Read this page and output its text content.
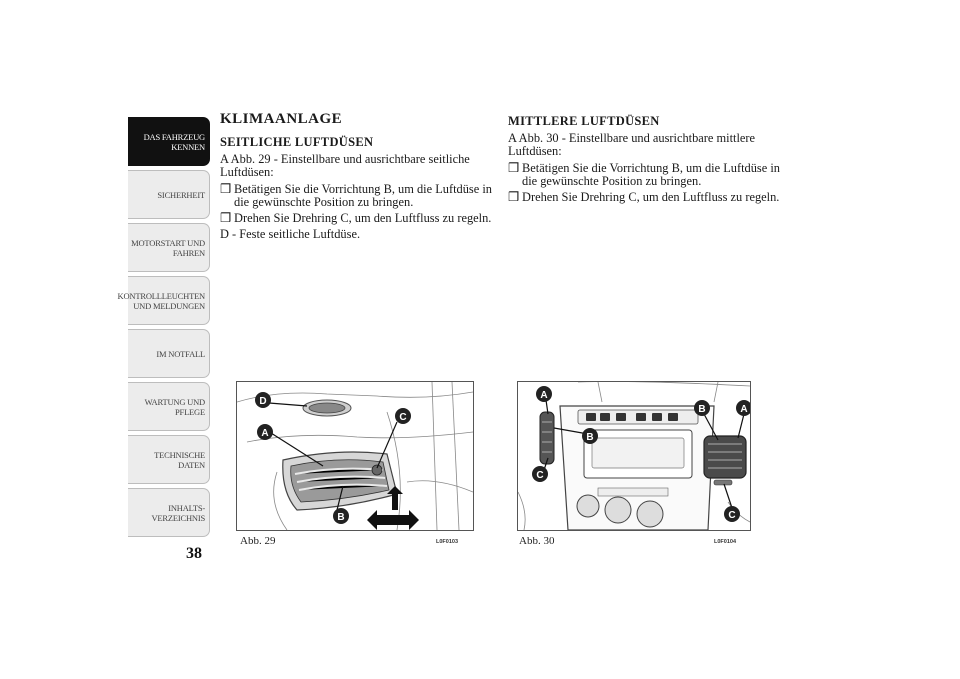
DAS FAHRZEUG
KENNEN
SICHERHEIT
MOTORSTART UND
FAHREN
KONTROLLLEUCHTEN
UND MELDUNGEN
IM NOTFALL
WARTUNG UND
PFLEGE
TECHNISCHE
DATEN
INHALTS-
VERZEICHNIS
38
KLIMAANLAGE
SEITLICHE LUFTDÜSEN
A Abb. 29 - Einstellbare und ausrichtbare seitliche Luftdüsen:
❒ Betätigen Sie die Vorrichtung B, um die Luftdüse in die gewünschte Position zu bringen.
❒ Drehen Sie Drehring C, um den Luftfluss zu regeln.
D - Feste seitliche Luftdüse.
MITTLERE LUFTDÜSEN
A Abb. 30 - Einstellbare und ausrichtbare mittlere Luftdüsen:
❒ Betätigen Sie die Vorrichtung B, um die Luftdüse in die gewünschte Position zu bringen.
❒ Drehen Sie Drehring C, um den Luftfluss zu regeln.
D
A
C
B
Abb. 29	L0F0103
A
B
C
B	A
C
Abb. 30	L0F0104
